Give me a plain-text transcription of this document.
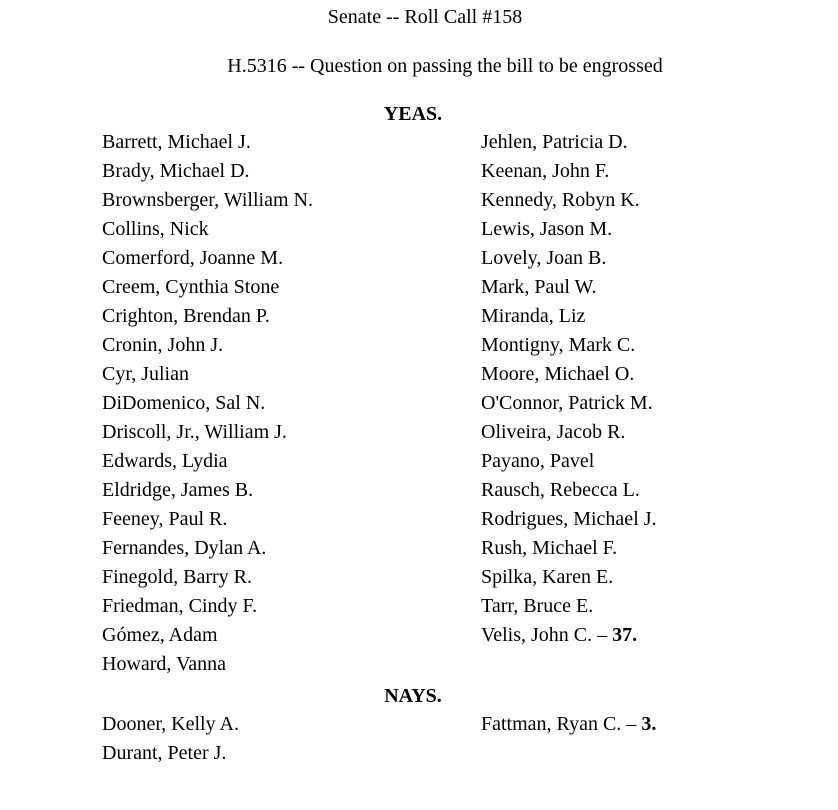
Senate -- Roll Call #158
H.5316 -- Question on passing the bill to be engrossed
YEAS.
Barrett, Michael J.
Brady, Michael D.
Brownsberger, William N.
Collins, Nick
Comerford, Joanne M.
Creem, Cynthia Stone
Crighton, Brendan P.
Cronin, John J.
Cyr, Julian
DiDomenico, Sal N.
Driscoll, Jr., William J.
Edwards, Lydia
Eldridge, James B.
Feeney, Paul R.
Fernandes, Dylan A.
Finegold, Barry R.
Friedman, Cindy F.
Gómez, Adam
Howard, Vanna
Jehlen, Patricia D.
Keenan, John F.
Kennedy, Robyn K.
Lewis, Jason M.
Lovely, Joan B.
Mark, Paul W.
Miranda, Liz
Montigny, Mark C.
Moore, Michael O.
O'Connor, Patrick M.
Oliveira, Jacob R.
Payano, Pavel
Rausch, Rebecca L.
Rodrigues, Michael J.
Rush, Michael F.
Spilka, Karen E.
Tarr, Bruce E.
Velis, John C. – 37.
NAYS.
Dooner, Kelly A.
Durant, Peter J.
Fattman, Ryan C. – 3.
